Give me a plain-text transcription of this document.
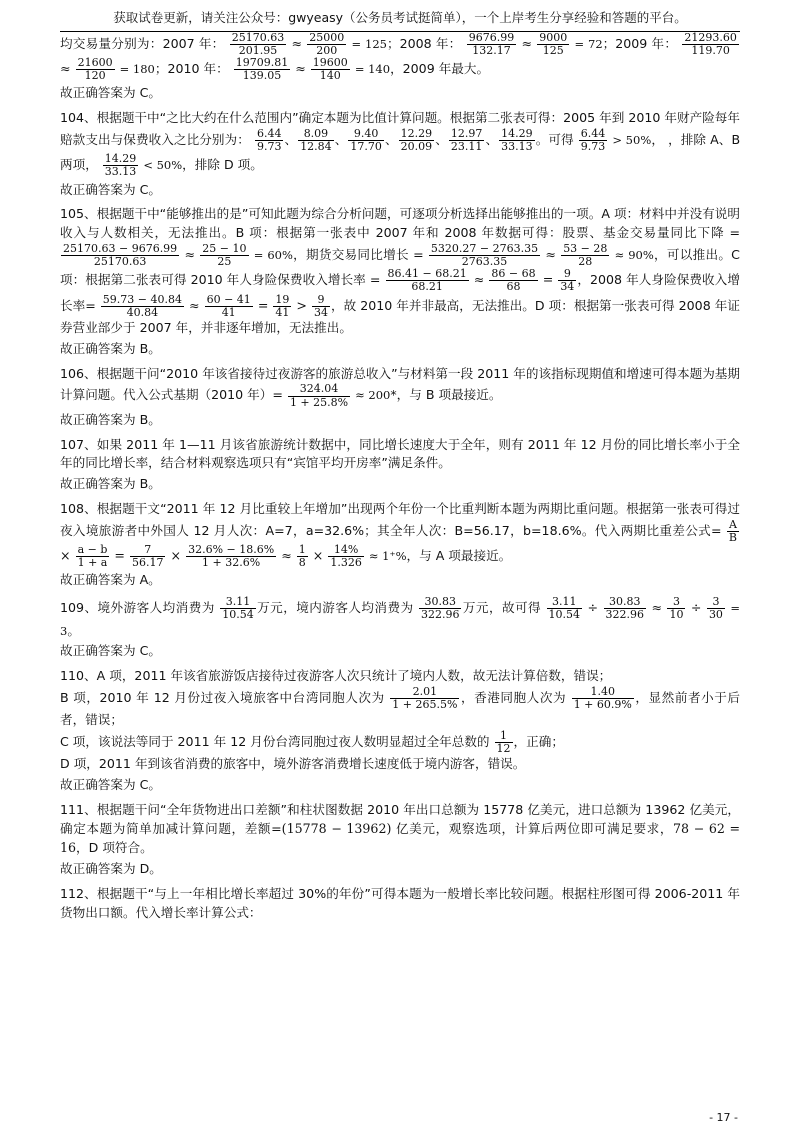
获取试卷更新，请关注公众号：gwyeasy（公务员考试挺简单），一个上岸考生分享经验和答题的平台。

均交易量分别为：2007 年： $\frac{25170.63}{201.95} \approx \frac{25000}{200} = 125$；2008 年： $\frac{9676.99}{132.17} \approx \frac{9000}{125} = 72$；2009 年： $\frac{21293.60}{119.70}$
≈ $\frac{21600}{120} = 180$；2010 年： $\frac{19709.81}{139.05} \approx \frac{19600}{140} = 140$，2009 年最大。

故正确答案为 C。

104、根据题干中“之比大约在什么范围内”确定本题为比值计算问题。根据第二张表可得：2005 年到 2010 年财产险每年赔款支出与保费收入之比分别为： $\frac{6.44}{9.73}$ 、 $\frac{8.09}{12.84}$ 、 $\frac{9.40}{17.70}$ 、 $\frac{12.29}{20.09}$ 、 $\frac{12.97}{23.11}$ 、 $\frac{14.29}{33.13}$ 。可得 $\frac{6.44}{9.73} > 50\%$， ，排除 A、B 两项， $\frac{14.29}{33.13} < 50\%$，排除 D 项。

故正确答案为 C。

105、根据题干中“能够推出的是”可知此题为综合分析问题，可逐项分析选择出能够推出的一项。A 项：材料中并没有说明收入与人数相关，无法推出。B 项：根据第一张表中 2007 年和 2008 年数据可得：股票、基金交易量同比下降 =
$\frac{25170.63 - 9676.99}{25170.63} \approx \frac{25 - 10}{25} = 60\%$，期货交易同比增长 = $\frac{5320.27 - 2763.35}{2763.35} \approx \frac{53 - 28}{28} \approx 90\%$，可以推出。C 项：根据第二张表可得 2010 年人身险保费收入增长率 = $\frac{86.41 - 68.21}{68.21} \approx \frac{86 - 68}{68} = \frac{9}{34}$ ，2008 年人身险保费收入增长率= $\frac{59.73 - 40.84}{40.84} \approx \frac{60 - 41}{41} = \frac{19}{41} > \frac{9}{34}$ ，故 2010 年并非最高，无法推出。D 项：根据第一张表可得 2008 年证券营业部少于 2007 年，并非逐年增加，无法推出。

故正确答案为 B。

106、根据题干问“2010 年该省接待过夜游客的旅游总收入”与材料第一段 2011 年的该指标现期值和增速可得本题为基期计算问题。代入公式基期（2010 年）= $\frac{324.04}{1 + 25.8\%} \approx 200*$，与 B 项最接近。

故正确答案为 B。

107、如果 2011 年 1—11 月该省旅游统计数据中，同比增长速度大于全年，则有 2011 年 12 月份的同比增长率小于全年的同比增长率，结合材料观察选项只有“宾馆平均开房率”满足条件。

故正确答案为 B。

108、根据题干文“2011 年 12 月比重较上年增加”出现两个年份一个比重判断本题为两期比重问题。根据第一张表可得过夜入境旅游者中外国人 12 月人次：A=7，a=32.6%；其全年人次：B=56.17，b=18.6%。代入两期比重差公式= $\frac{A}{B}$
× $\frac{a - b}{1 + a} = \frac{7}{56.17} \times \frac{32.6\% - 18.6\%}{1 + 32.6\%} \approx \frac{1}{8} \times \frac{14\%}{1.326} \approx 1^+\%$，与 A 项最接近。

故正确答案为 A。

109、境外游客人均消费为 $\frac{3.11}{10.54}$ 万元，境内游客人均消费为 $\frac{30.83}{322.96}$ 万元，故可得 $\frac{3.11}{10.54} \div \frac{30.83}{322.96} \approx \frac{3}{10} \div \frac{3}{30} = 3$。

故正确答案为 C。

110、A 项，2011 年该省旅游饭店接待过夜游客人次只统计了境内人数，故无法计算倍数，错误；

B 项，2010 年 12 月份过夜入境旅客中台湾同胞人次为 $\frac{2.01}{1 + 265.5\%}$ ，香港同胞人次为 $\frac{1.40}{1 + 60.9\%}$ ，显然前者小于后者，错误；

C 项，该说法等同于 2011 年 12 月份台湾同胞过夜人数明显超过全年总数的 $\frac{1}{12}$ ，正确；

D 项，2011 年到该省消费的旅客中，境外游客消费增长速度低于境内游客，错误。

故正确答案为 C。

111、根据题干问“全年货物进出口差额”和柱状图数据 2010 年出口总额为 15778 亿美元，进口总额为 13962 亿美元，确定本题为简单加减计算问题，差额=(15778 − 13962) 亿美元，观察选项，计算后两位即可满足要求，78 − 62 = 16，D 项符合。

故正确答案为 D。

112、根据题干“与上一年相比增长率超过 30%的年份”可得本题为一般增长率比较问题。根据柱形图可得 2006-2011 年货物出口额。代入增长率计算公式：

- 17 -
